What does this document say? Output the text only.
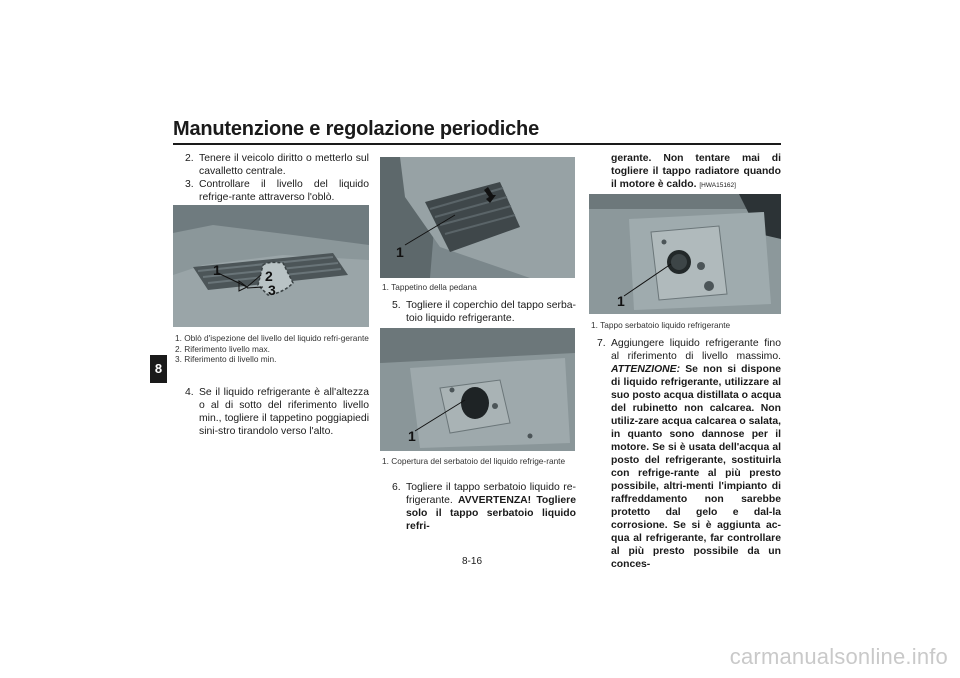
Manutenzione e regolazione periodiche
8
2. Tenere il veicolo diritto o metterlo sul cavalletto centrale.
3. Controllare il livello del liquido refrige-rante attraverso l'oblò.
1	2
3
1. Oblò d'ispezione del livello del liquido refri-gerante
2. Riferimento livello max.
3. Riferimento di livello min.
4. Se il liquido refrigerante è all'altezza o al di sotto del riferimento livello min., togliere il tappetino poggiapiedi sini-stro tirandolo verso l'alto.
1
1. Tappetino della pedana
5. Togliere il coperchio del tappo serba-toio liquido refrigerante.
1
1. Copertura del serbatoio del liquido refrige-rante
6. Togliere il tappo serbatoio liquido re-frigerante. AVVERTENZA! Togliere solo il tappo serbatoio liquido refri-
gerante. Non tentare mai di togliere il tappo radiatore quando il motore è caldo. [HWA15162]
1
1. Tappo serbatoio liquido refrigerante
7. Aggiungere liquido refrigerante fino al riferimento di livello massimo. ATTENZIONE: Se non si dispone di liquido refrigerante, utilizzare al suo posto acqua distillata o acqua del rubinetto non calcarea. Non utiliz-zare acqua calcarea o salata, in quanto sono dannose per il motore. Se si è usata dell'acqua al posto del refrigerante, sostituirla con refrige-rante al più presto possibile, altri-menti l'impianto di raffreddamento non sarebbe protetto dal gelo e dal-la corrosione. Se si è aggiunta ac-qua al refrigerante, far controllare al più presto possibile da un conces-
8-16
carmanualsonline.info
